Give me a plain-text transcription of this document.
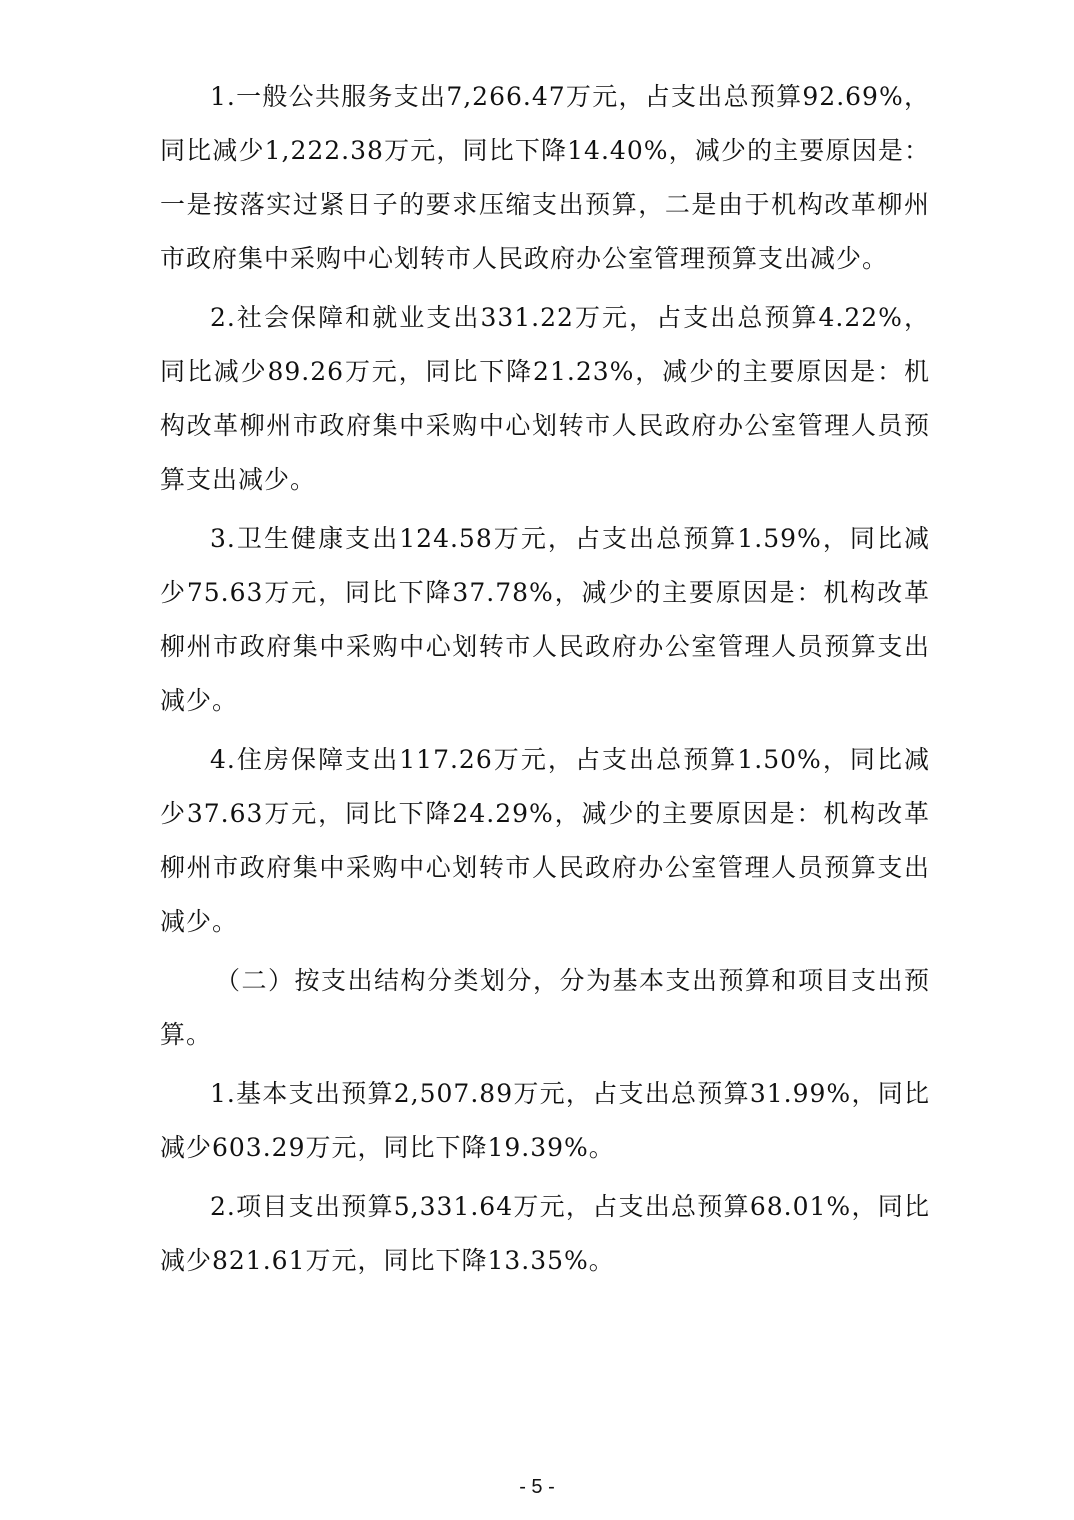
1.一般公共服务支出7,266.47万元，占支出总预算92.69%，同比减少1,222.38万元，同比下降14.40%，减少的主要原因是：一是按落实过紧日子的要求压缩支出预算，二是由于机构改革柳州市政府集中采购中心划转市人民政府办公室管理预算支出减少。

2.社会保障和就业支出331.22万元，占支出总预算4.22%，同比减少89.26万元，同比下降21.23%，减少的主要原因是：机构改革柳州市政府集中采购中心划转市人民政府办公室管理人员预算支出减少。

3.卫生健康支出124.58万元，占支出总预算1.59%，同比减少75.63万元，同比下降37.78%，减少的主要原因是：机构改革柳州市政府集中采购中心划转市人民政府办公室管理人员预算支出减少。

4.住房保障支出117.26万元，占支出总预算1.50%，同比减少37.63万元，同比下降24.29%，减少的主要原因是：机构改革柳州市政府集中采购中心划转市人民政府办公室管理人员预算支出减少。

（二）按支出结构分类划分，分为基本支出预算和项目支出预算。

1.基本支出预算2,507.89万元，占支出总预算31.99%，同比减少603.29万元，同比下降19.39%。

2.项目支出预算5,331.64万元，占支出总预算68.01%，同比减少821.61万元，同比下降13.35%。

- 5 -
